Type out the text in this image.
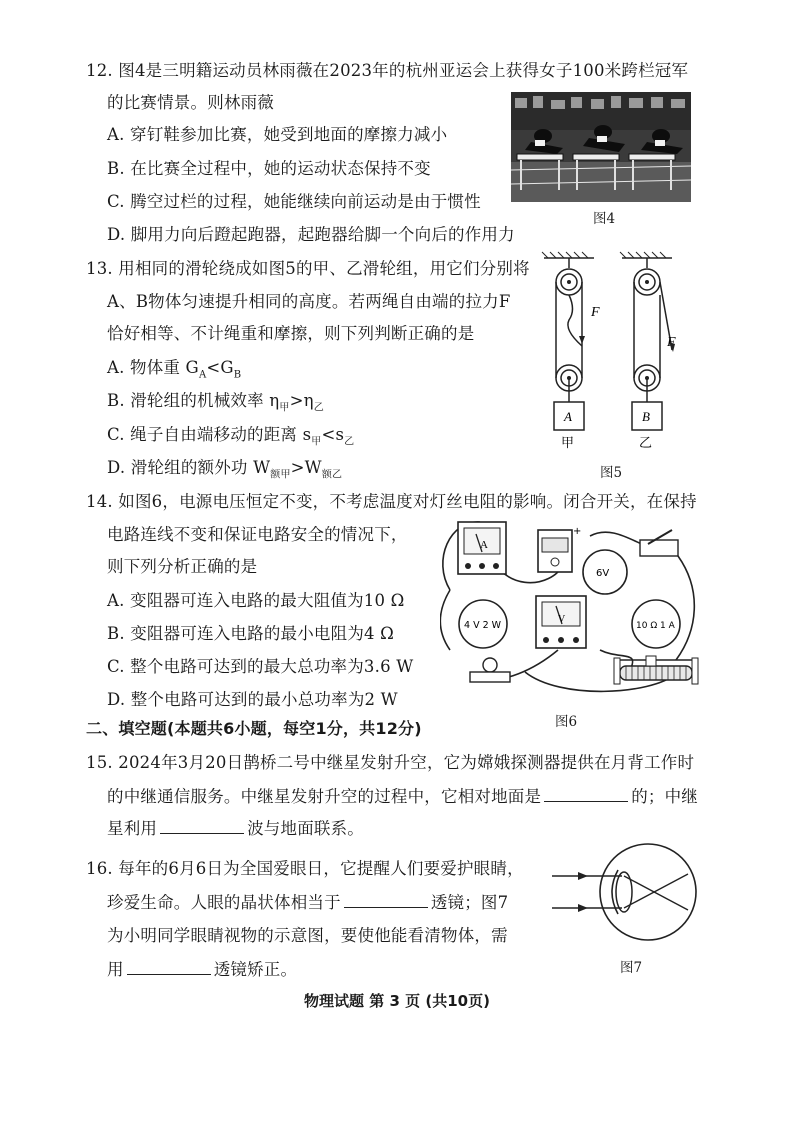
12. 图4是三明籍运动员林雨薇在2023年的杭州亚运会上获得女子100米跨栏冠军
的比赛情景。则林雨薇
A. 穿钉鞋参加比赛，她受到地面的摩擦力减小
B. 在比赛全过程中，她的运动状态保持不变
C. 腾空过栏的过程，她能继续向前运动是由于惯性
D. 脚用力向后蹬起跑器，起跑器给脚一个向后的作用力
图4
13. 用相同的滑轮绕成如图5的甲、乙滑轮组，用它们分别将
A、B物体匀速提升相同的高度。若两绳自由端的拉力F
恰好相等、不计绳重和摩擦，则下列判断正确的是
A. 物体重 $G_A<G_B$
B. 滑轮组的机械效率 $\eta_甲>\eta_乙$
C. 绳子自由端移动的距离 $s_甲<s_乙$
D. 滑轮组的额外功 $W_{额甲}>W_{额乙}$
F
F
A	B
甲	乙
图5
14. 如图6，电源电压恒定不变，不考虑温度对灯丝电阻的影响。闭合开关，在保持
电路连线不变和保证电路安全的情况下，
则下列分析正确的是
A. 变阻器可连入电路的最大阻值为10 Ω
B. 变阻器可连入电路的最小电阻为4 Ω
C. 整个电路可达到的最大总功率为3.6 W
D. 整个电路可达到的最小总功率为2 W
A
+
6V
V
4 V 2 W	10 Ω 1 A
图6
二、填空题(本题共6小题，每空1分，共12分)
15. 2024年3月20日鹊桥二号中继星发射升空，它为嫦娥探测器提供在月背工作时
的中继通信服务。中继星发射升空的过程中，它相对地面是	的；中继
星利用	波与地面联系。
16. 每年的6月6日为全国爱眼日，它提醒人们要爱护眼睛，
珍爱生命。人眼的晶状体相当于	透镜；图7
为小明同学眼睛视物的示意图，要使他能看清物体，需
用	透镜矫正。	图7
物理试题 第 3 页 (共10页)
